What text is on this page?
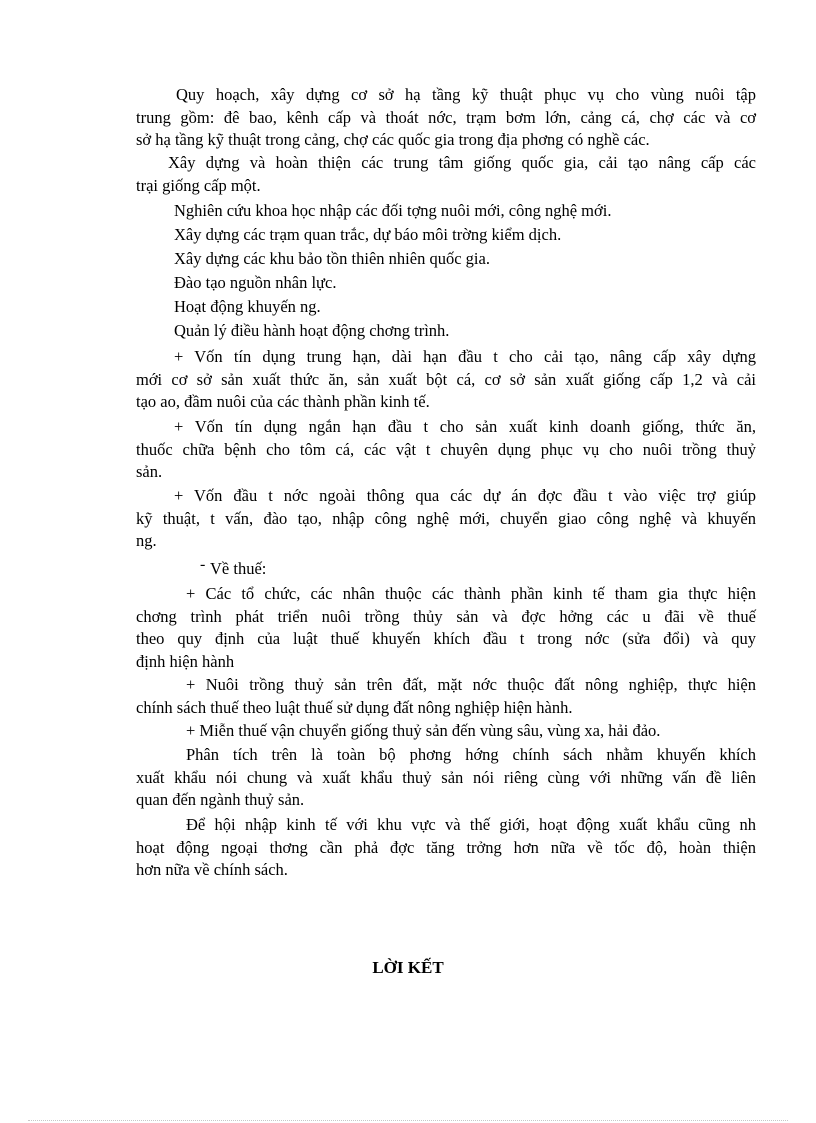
Quy hoạch, xây dựng cơ sở hạ tầng kỹ thuật phục vụ cho vùng nuôi tập
trung gồm: đê bao, kênh cấp và thoát nớc, trạm bơm lớn, cảng cá, chợ các và cơ
sở hạ tầng kỹ thuật trong cảng, chợ các quốc gia trong địa phơng có nghề các.

Xây dựng và hoàn thiện các trung tâm giống quốc gia, cải tạo nâng cấp các
trại giống cấp một.

Nghiên cứu khoa học nhập các đối tợng nuôi mới, công nghệ mới.

Xây dựng các trạm quan trắc, dự báo môi trờng kiểm dịch.

Xây dựng các khu bảo tồn thiên nhiên quốc gia.

Đào tạo nguồn nhân lực.

Hoạt động khuyến ng.

Quản lý điều hành hoạt động chơng trình.

+ Vốn tín dụng trung hạn, dài hạn đầu t cho cải tạo, nâng cấp xây dựng
mới cơ sở sản xuất thức ăn, sản xuất bột cá, cơ sở sản xuất giống cấp 1,2 và cải
tạo ao, đầm nuôi của các thành phần kinh tế.

+ Vốn tín dụng ngắn hạn đầu t cho sản xuất kinh doanh giống, thức ăn,
thuốc chữa bệnh cho tôm cá, các vật t chuyên dụng phục vụ cho nuôi trồng thuỷ
sản.

+ Vốn đầu t nớc ngoài thông qua các dự án đợc đầu t vào việc trợ giúp
kỹ thuật, t vấn, đào tạo, nhập công nghệ mới, chuyển giao công nghệ và khuyến
ng.

- Về thuế:

+ Các tổ chức, các nhân thuộc các thành phần kinh tế tham gia thực hiện
chơng trình phát triển nuôi trồng thủy sản và đợc hởng các u đãi về thuế
theo quy định của luật thuế khuyến khích đầu t trong nớc (sửa đổi) và quy
định hiện hành

+ Nuôi trồng thuỷ sản trên đất, mặt nớc thuộc đất nông nghiệp, thực hiện
chính sách thuế theo luật thuế sử dụng đất nông nghiệp hiện hành.

+ Miễn thuế vận chuyển giống thuỷ sản đến vùng sâu, vùng xa, hải đảo.

Phân tích trên là toàn bộ phơng hớng chính sách nhằm khuyến khích
xuất khẩu nói chung và xuất khẩu thuỷ sản nói riêng cùng với những vấn đề liên
quan đến ngành thuỷ sản.

Để hội nhập kinh tế với khu vực và thế giới, hoạt động xuất khẩu cũng nh
hoạt động ngoại thơng cần phả đợc tăng trởng hơn nữa về tốc độ, hoàn thiện
hơn nữa về chính sách.

LỜI KẾT
